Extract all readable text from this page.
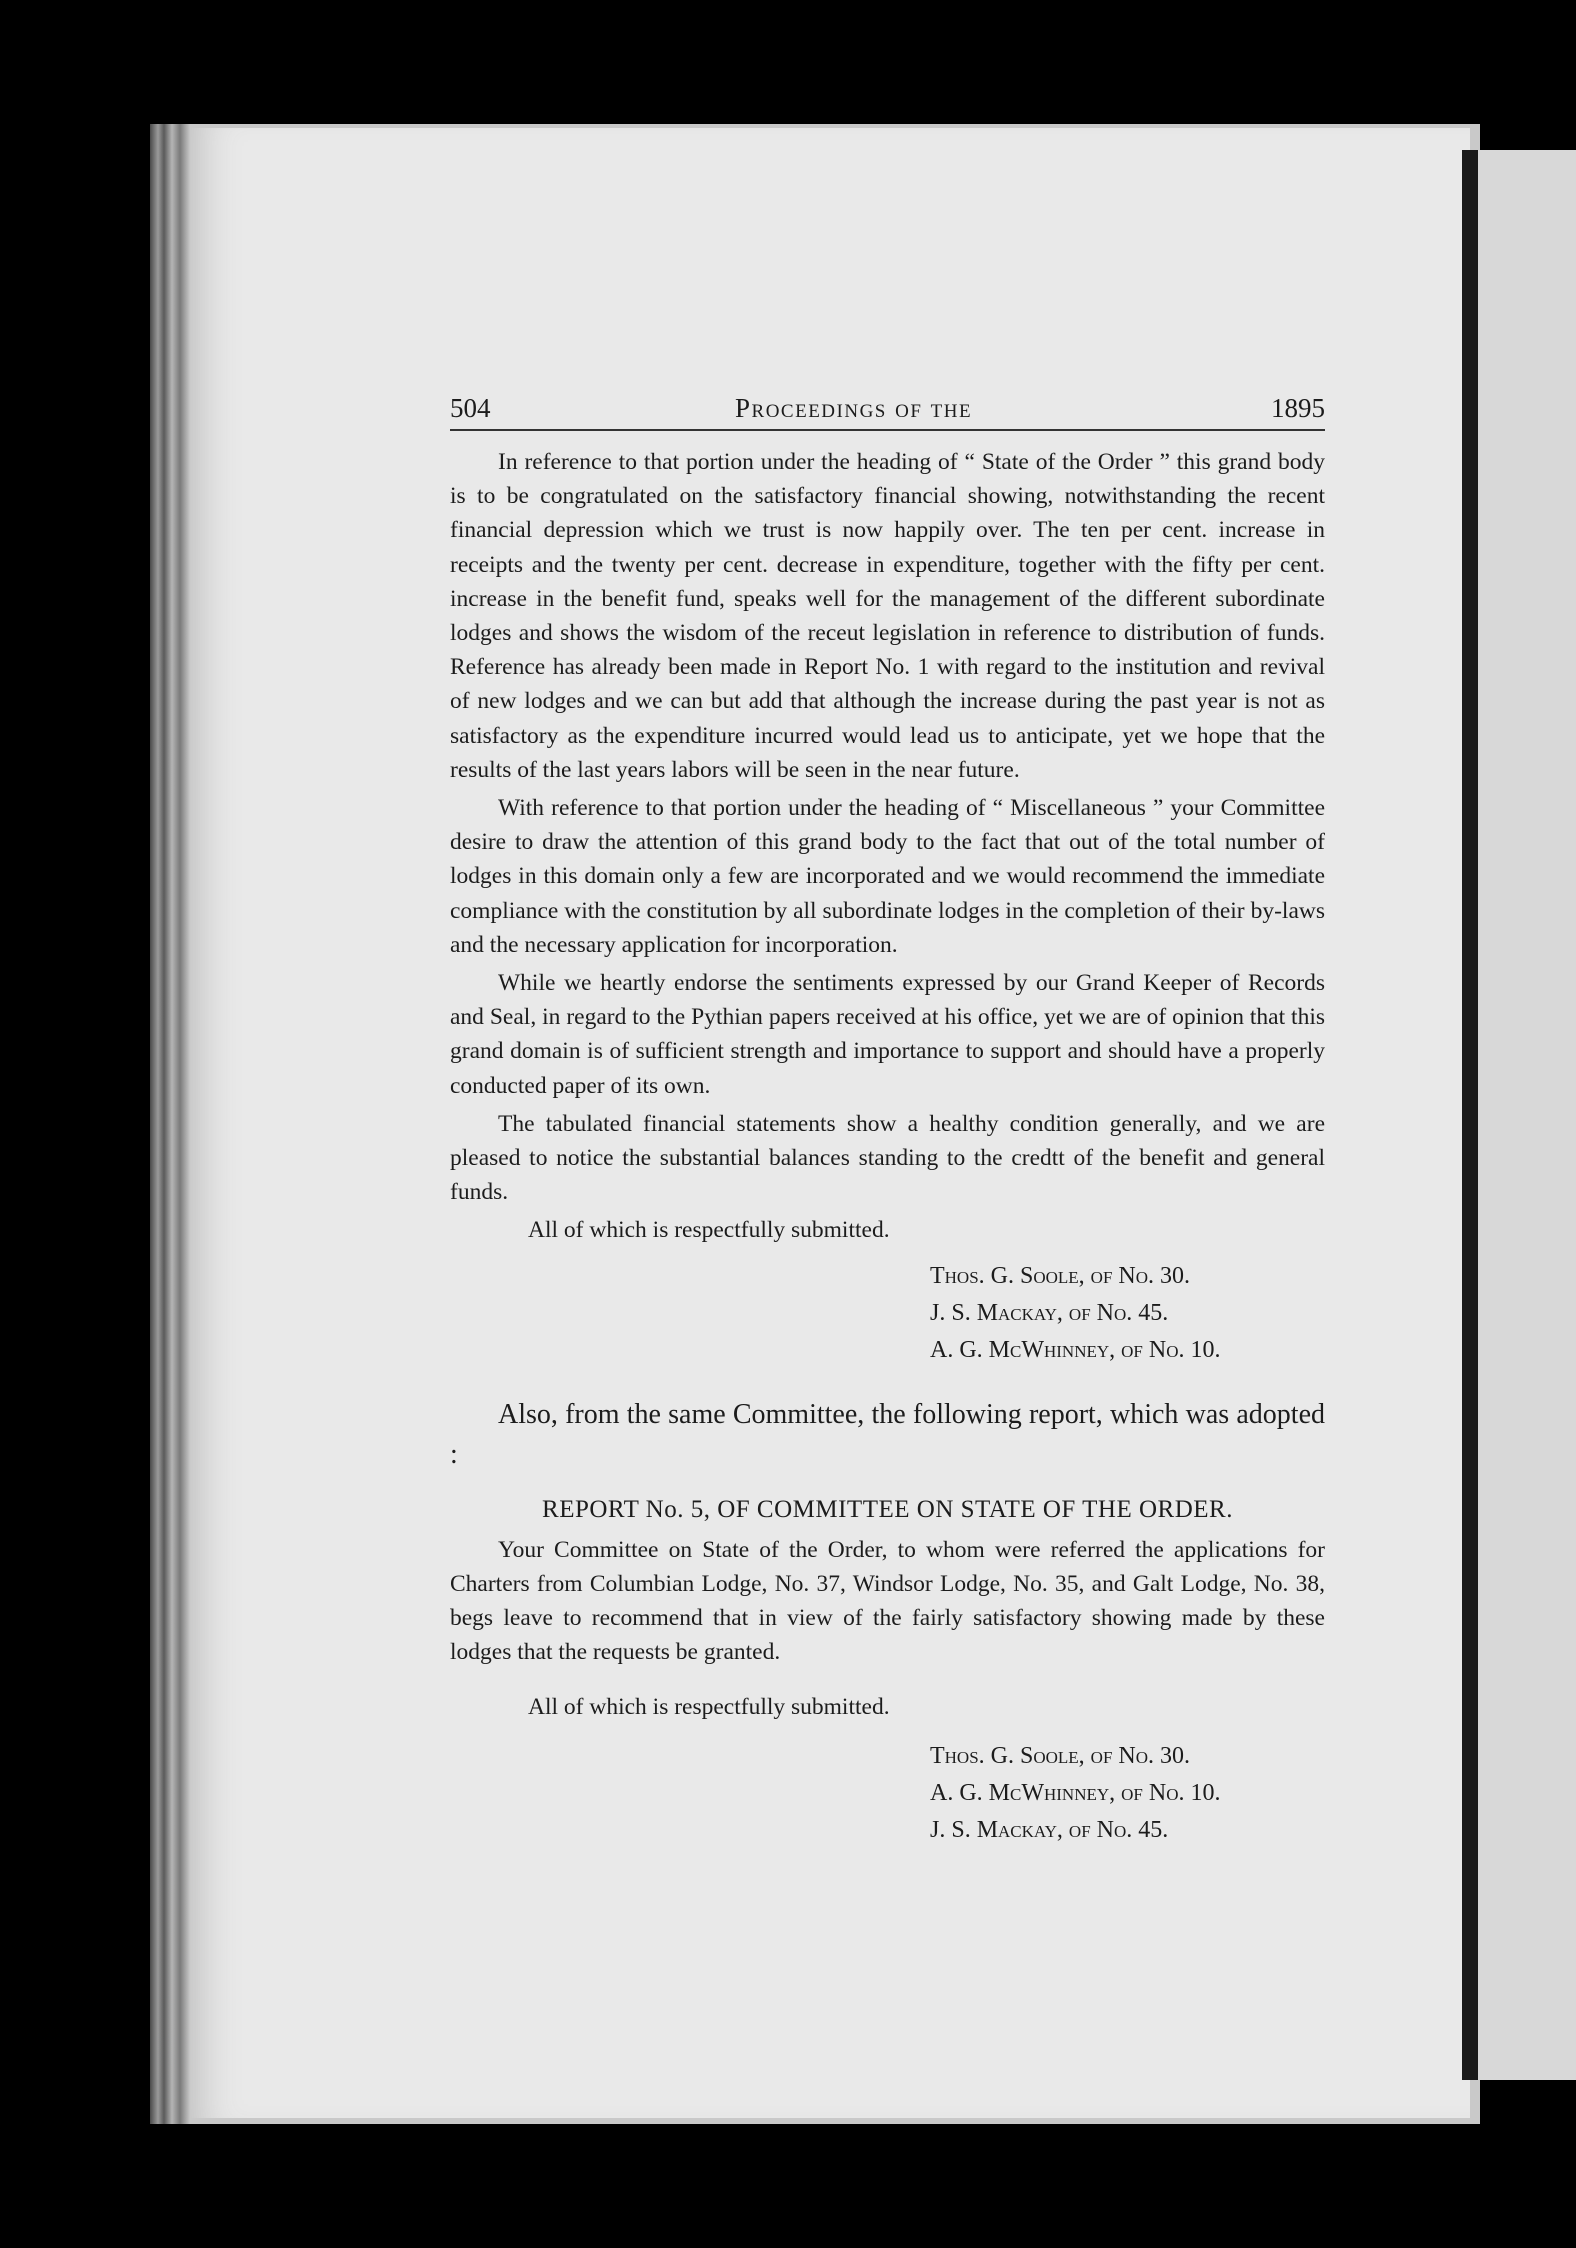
504	Proceedings of the	1895

In reference to that portion under the heading of “ State of the Order ” this grand body is to be congratulated on the satisfactory financial showing, notwithstanding the recent financial depression which we trust is now happily over. The ten per cent. increase in receipts and the twenty per cent. decrease in expenditure, together with the fifty per cent. increase in the benefit fund, speaks well for the management of the different subordinate lodges and shows the wisdom of the receut legislation in reference to distribution of funds. Reference has already been made in Report No. 1 with regard to the institution and revival of new lodges and we can but add that although the increase during the past year is not as satisfactory as the expenditure incurred would lead us to anticipate, yet we hope that the results of the last years labors will be seen in the near future.

With reference to that portion under the heading of “ Miscellaneous ” your Committee desire to draw the attention of this grand body to the fact that out of the total number of lodges in this domain only a few are incorporated and we would recommend the immediate compliance with the constitution by all subordinate lodges in the completion of their by-laws and the necessary application for incorporation.

While we heartly endorse the sentiments expressed by our Grand Keeper of Records and Seal, in regard to the Pythian papers received at his office, yet we are of opinion that this grand domain is of sufficient strength and importance to support and should have a properly conducted paper of its own.

The tabulated financial statements show a healthy condition generally, and we are pleased to notice the substantial balances standing to the credtt of the benefit and general funds.

All of which is respectfully submitted.

Thos. G. Soole, of No. 30.
J. S. Mackay, of No. 45.
A. G. McWhinney, of No. 10.

Also, from the same Committee, the following report, which was adopted :

REPORT No. 5, OF COMMITTEE ON STATE OF THE ORDER.

Your Committee on State of the Order, to whom were referred the applications for Charters from Columbian Lodge, No. 37, Windsor Lodge, No. 35, and Galt Lodge, No. 38, begs leave to recommend that in view of the fairly satisfactory showing made by these lodges that the requests be granted.

All of which is respectfully submitted.

Thos. G. Soole, of No. 30.
A. G. McWhinney, of No. 10.
J. S. Mackay, of No. 45.
